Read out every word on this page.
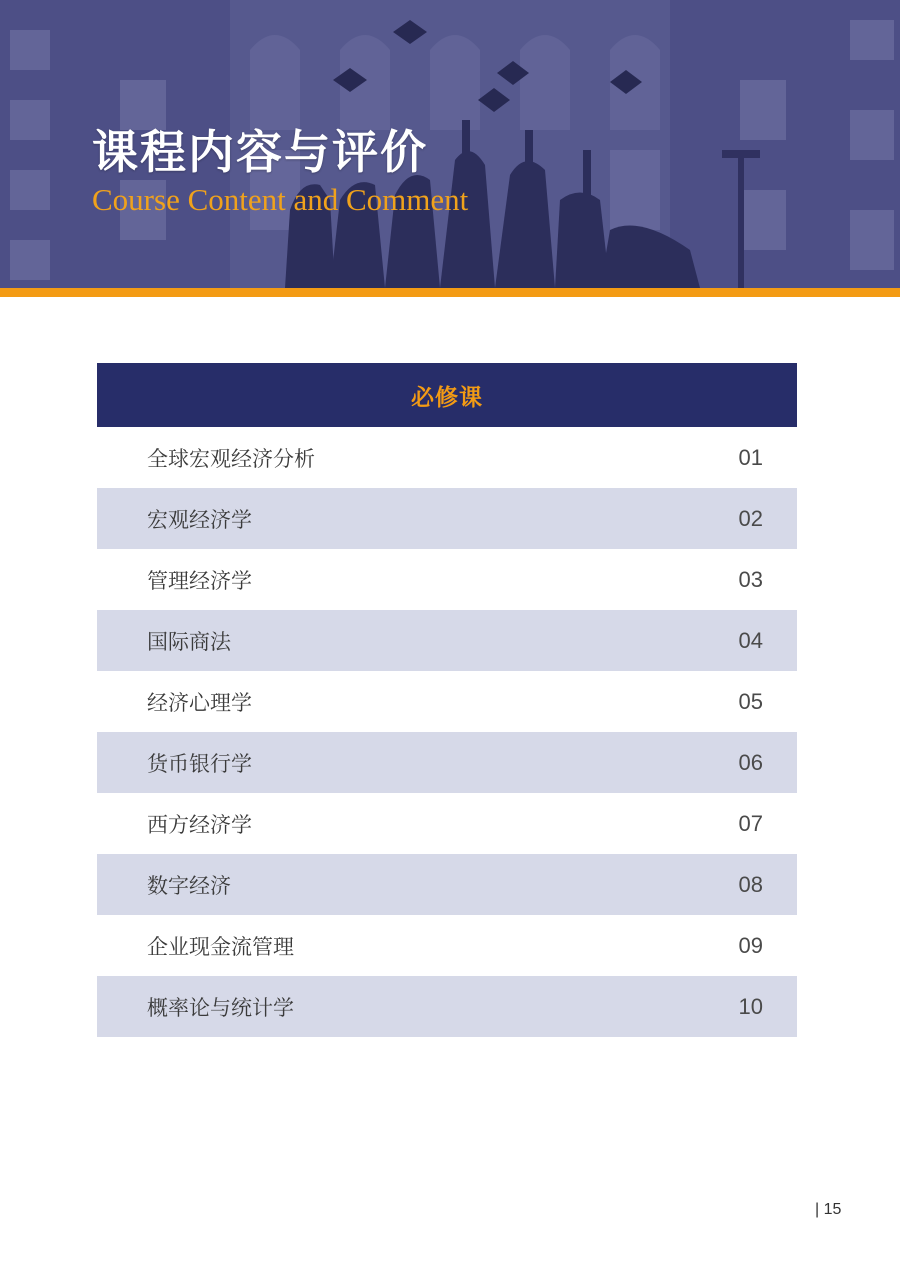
课程内容与评价

Course Content and Comment

必修课
全球宏观经济分析	01
宏观经济学	02
管理经济学	03
国际商法	04
经济心理学	05
货币银行学	06
西方经济学	07
数字经济	08
企业现金流管理	09
概率论与统计学	10
| 15
